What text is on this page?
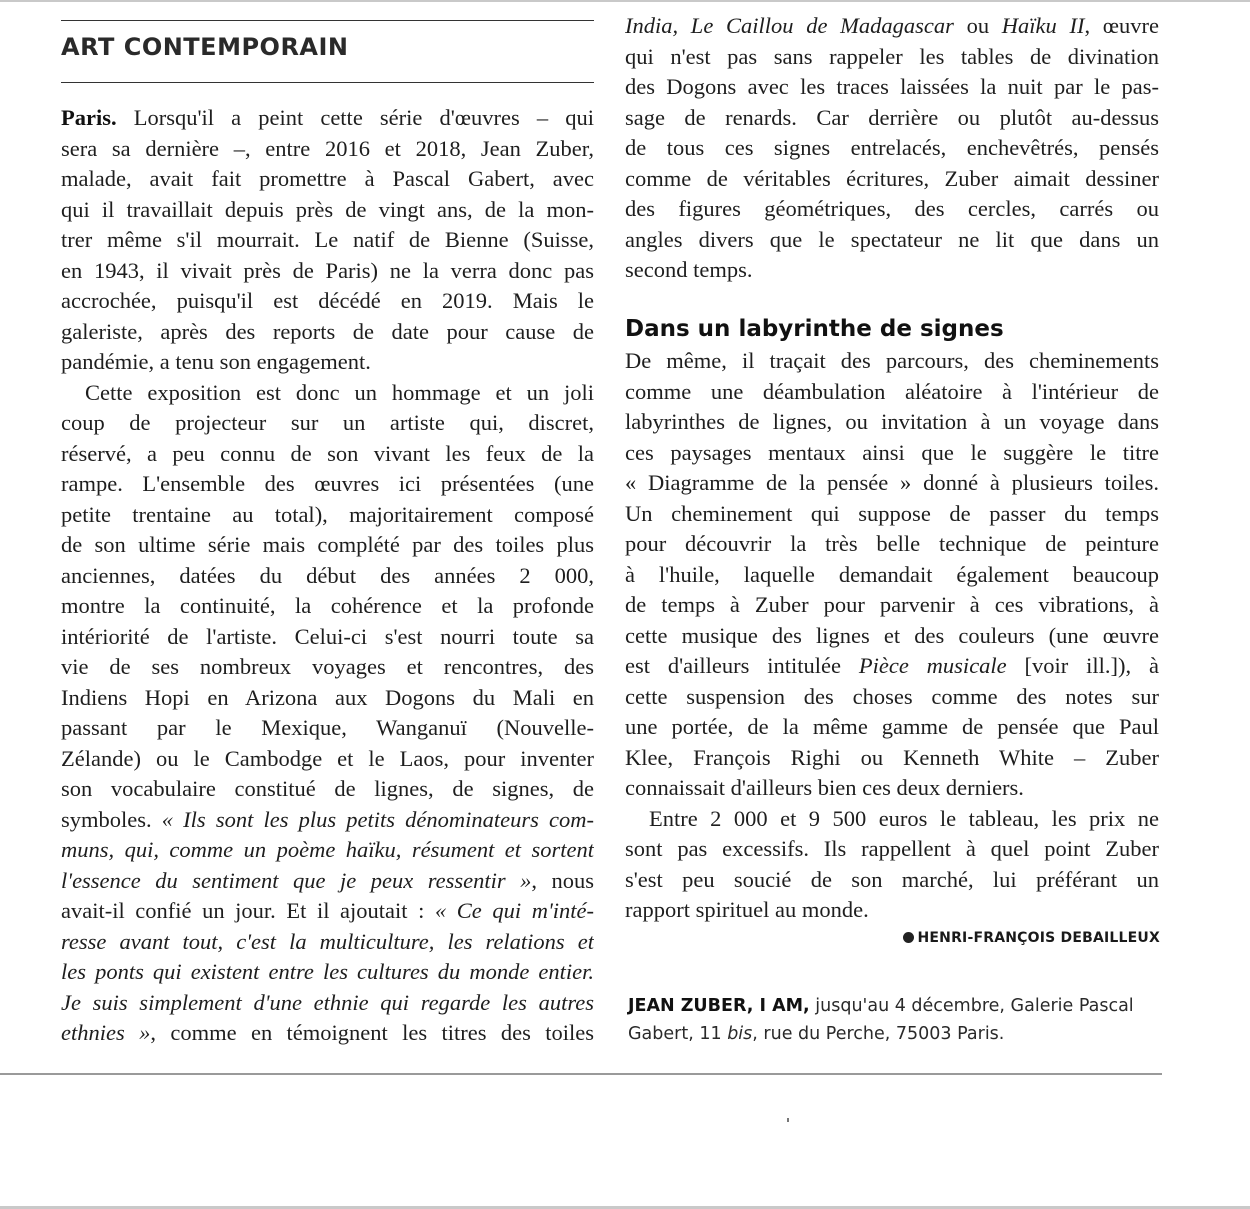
ART CONTEMPORAIN
Paris. Lorsqu'il a peint cette série d'œuvres – qui
sera sa dernière –, entre 2016 et 2018, Jean Zuber,
malade, avait fait promettre à Pascal Gabert, avec
qui il travaillait depuis près de vingt ans, de la mon-
trer même s'il mourrait. Le natif de Bienne (Suisse,
en 1943, il vivait près de Paris) ne la verra donc pas
accrochée, puisqu'il est décédé en 2019. Mais le
galeriste, après des reports de date pour cause de
pandémie, a tenu son engagement.
Cette exposition est donc un hommage et un joli
coup de projecteur sur un artiste qui, discret,
réservé, a peu connu de son vivant les feux de la
rampe. L'ensemble des œuvres ici présentées (une
petite trentaine au total), majoritairement composé
de son ultime série mais complété par des toiles plus
anciennes, datées du début des années 2 000,
montre la continuité, la cohérence et la profonde
intériorité de l'artiste. Celui-ci s'est nourri toute sa
vie de ses nombreux voyages et rencontres, des
Indiens Hopi en Arizona aux Dogons du Mali en
passant par le Mexique, Wanganuï (Nouvelle-
Zélande) ou le Cambodge et le Laos, pour inventer
son vocabulaire constitué de lignes, de signes, de
symboles. « Ils sont les plus petits dénominateurs com-
muns, qui, comme un poème haïku, résument et sortent
l'essence du sentiment que je peux ressentir », nous
avait-il confié un jour. Et il ajoutait : « Ce qui m'inté-
resse avant tout, c'est la multiculture, les relations et
les ponts qui existent entre les cultures du monde entier.
Je suis simplement d'une ethnie qui regarde les autres
ethnies », comme en témoignent les titres des toiles
India, Le Caillou de Madagascar ou Haïku II, œuvre
qui n'est pas sans rappeler les tables de divination
des Dogons avec les traces laissées la nuit par le pas-
sage de renards. Car derrière ou plutôt au-dessus
de tous ces signes entrelacés, enchevêtrés, pensés
comme de véritables écritures, Zuber aimait dessiner
des figures géométriques, des cercles, carrés ou
angles divers que le spectateur ne lit que dans un
second temps.
Dans un labyrinthe de signes
De même, il traçait des parcours, des cheminements
comme une déambulation aléatoire à l'intérieur de
labyrinthes de lignes, ou invitation à un voyage dans
ces paysages mentaux ainsi que le suggère le titre
« Diagramme de la pensée » donné à plusieurs toiles.
Un cheminement qui suppose de passer du temps
pour découvrir la très belle technique de peinture
à l'huile, laquelle demandait également beaucoup
de temps à Zuber pour parvenir à ces vibrations, à
cette musique des lignes et des couleurs (une œuvre
est d'ailleurs intitulée Pièce musicale [voir ill.]), à
cette suspension des choses comme des notes sur
une portée, de la même gamme de pensée que Paul
Klee, François Righi ou Kenneth White – Zuber
connaissait d'ailleurs bien ces deux derniers.
Entre 2 000 et 9 500 euros le tableau, les prix ne
sont pas excessifs. Ils rappellent à quel point Zuber
s'est peu soucié de son marché, lui préférant un
rapport spirituel au monde.
HENRI-FRANÇOIS DEBAILLEUX
JEAN ZUBER, I AM, jusqu'au 4 décembre, Galerie Pascal
Gabert, 11 bis, rue du Perche, 75003 Paris.
